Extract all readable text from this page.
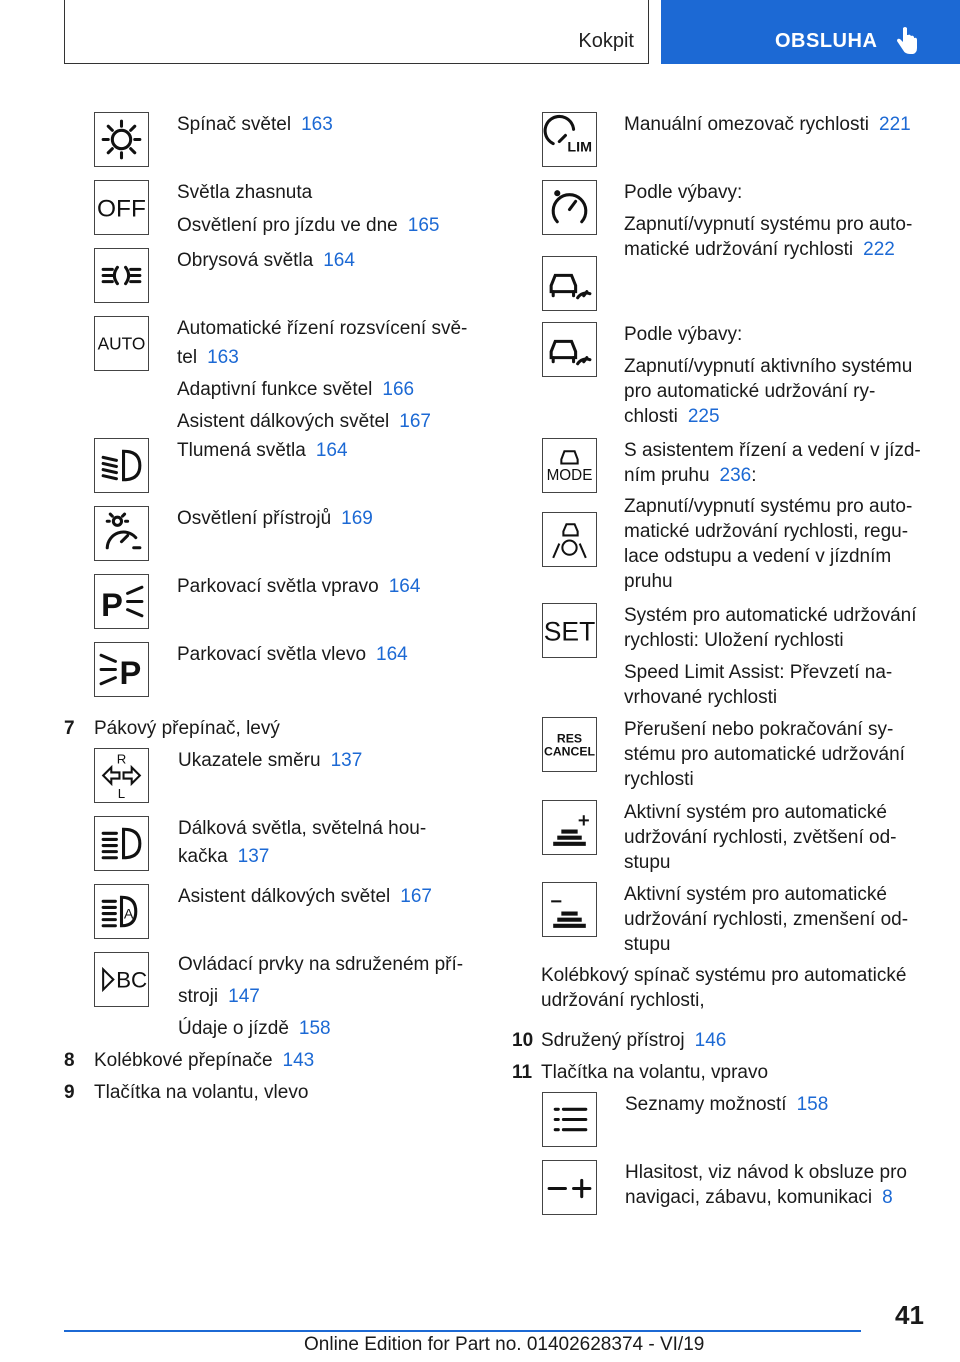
Kokpit	OBSLUHA
Spínač světel 163
OFF
Světla zhasnuta
Osvětlení pro jízdu ve dne 165
Obrysová světla 164
AUTO
Automatické řízení rozsvícení svě-
tel 163
Adaptivní funkce světel 166
Asistent dálkových světel 167
Tlumená světla 164
Osvětlení přístrojů 169
P	Parkovací světla vpravo 164
P Parkovací světla vlevo 164
7 Pákový přepínač, levý
R
L
Ukazatele směru 137
Dálková světla, světelná hou-
kačka 137
A
Asistent dálkových světel 167
BC
Ovládací prvky na sdruženém pří-
stroji 147
Údaje o jízdě 158
8 Kolébkové přepínače 143
9 Tlačítka na volantu, vlevo
LIM
Manuální omezovač rychlosti 221
Podle výbavy:
Zapnutí/vypnutí systému pro auto-
matické udržování rychlosti 222
Podle výbavy:
Zapnutí/vypnutí aktivního systému
pro automatické udržování ry-
chlosti 225
MODE
S asistentem řízení a vedení v jízd-
ním pruhu 236:
Zapnutí/vypnutí systému pro auto-
matické udržování rychlosti, regu-
lace odstupu a vedení v jízdním
pruhu
SET
Systém pro automatické udržování
rychlosti: Uložení rychlosti
Speed Limit Assist: Převzetí na-
vrhované rychlosti
RES
CANCEL
Přerušení nebo pokračování sy-
stému pro automatické udržování
rychlosti
Aktivní systém pro automatické
udržování rychlosti, zvětšení od-
stupu
Aktivní systém pro automatické
udržování rychlosti, zmenšení od-
stupu
Kolébkový spínač systému pro automatické
udržování rychlosti,
10 Sdružený přístroj 146
11 Tlačítka na volantu, vpravo
Seznamy možností 158
Hlasitost, viz návod k obsluze pro
navigaci, zábavu, komunikaci 8
41
Online Edition for Part no. 01402628374 - VI/19
